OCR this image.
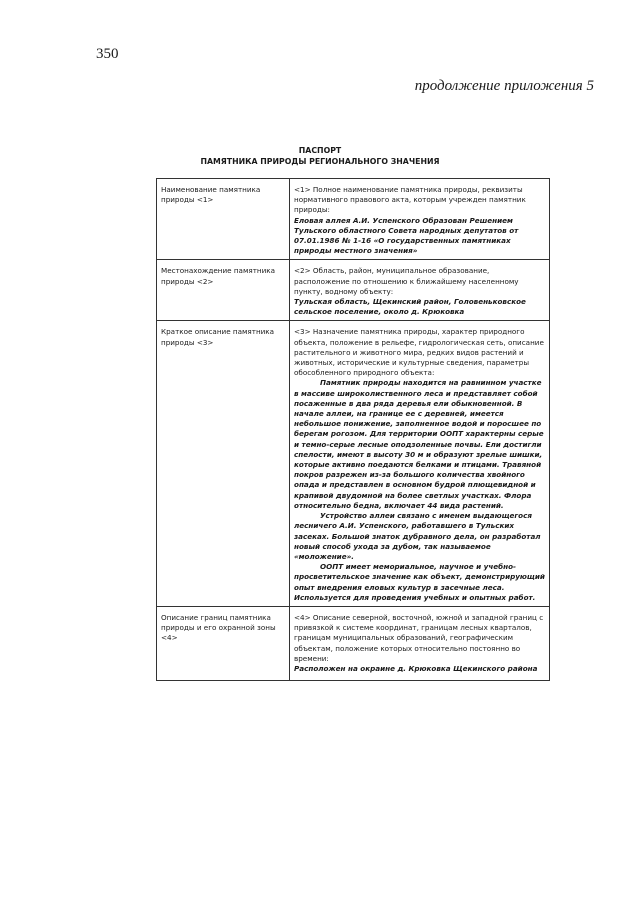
350
продолжение приложения 5
ПАСПОРТ
ПАМЯТНИКА ПРИРОДЫ РЕГИОНАЛЬНОГО ЗНАЧЕНИЯ
Наименование памятника природы <1>	<1> Полное наименование памятника природы, реквизиты нормативного правового акта, которым учрежден памятник природы:

Еловая аллея А.И. Успенского Образован Решением Тульского областного Совета народных депутатов от 07.01.1986 № 1-16 «О государственных памятниках природы местного значения»

Местонахождение памятника природы <2>	<2> Область, район, муниципальное образование, расположение по отношению к ближайшему населенному пункту, водному объекту:

Тульская область, Щекинский район, Головеньковское сельское поселение, около д. Крюковка

Краткое описание памятника природы <3>	<3> Назначение памятника природы, характер природного объекта, положение в рельефе, гидрологическая сеть, описание растительного и животного мира, редких видов растений и животных, исторические и культурные сведения, параметры обособленного природного объекта:

Памятник природы находится на равнинном участке в массиве широколиственного леса и представляет собой посаженные в два ряда деревья ели обыкновенной. В начале аллеи, на границе ее с деревней, имеется небольшое понижение, заполненное водой и поросшее по берегам рогозом. Для территории ООПТ характерны серые и темно-серые лесные оподзоленные почвы. Ели достигли спелости, имеют в высоту 30 м и образуют зрелые шишки, которые активно поедаются белками и птицами. Травяной покров разрежен из-за большого количества хвойного опада и представлен в основном будрой плющевидной и крапивой двудомной на более светлых участках. Флора относительно бедна, включает 44 вида растений.

Устройство аллеи связано с именем выдающегося лесничего А.И. Успенского, работавшего в Тульских засеках. Большой знаток дубравного дела, он разработал новый способ ухода за дубом, так называемое «моложение».

ООПТ имеет мемориальное, научное и учебно-просветительское значение как объект, демонстрирующий опыт внедрения еловых культур в засечные леса. Используется для проведения учебных и опытных работ.

Описание границ памятника природы и его охранной зоны <4>	<4> Описание северной, восточной, южной и западной границ с привязкой к системе координат, границам лесных кварталов, границам муниципальных образований, географическим объектам, положение которых относительно постоянно во времени:

Расположен на окраине д. Крюковка Щекинского района
